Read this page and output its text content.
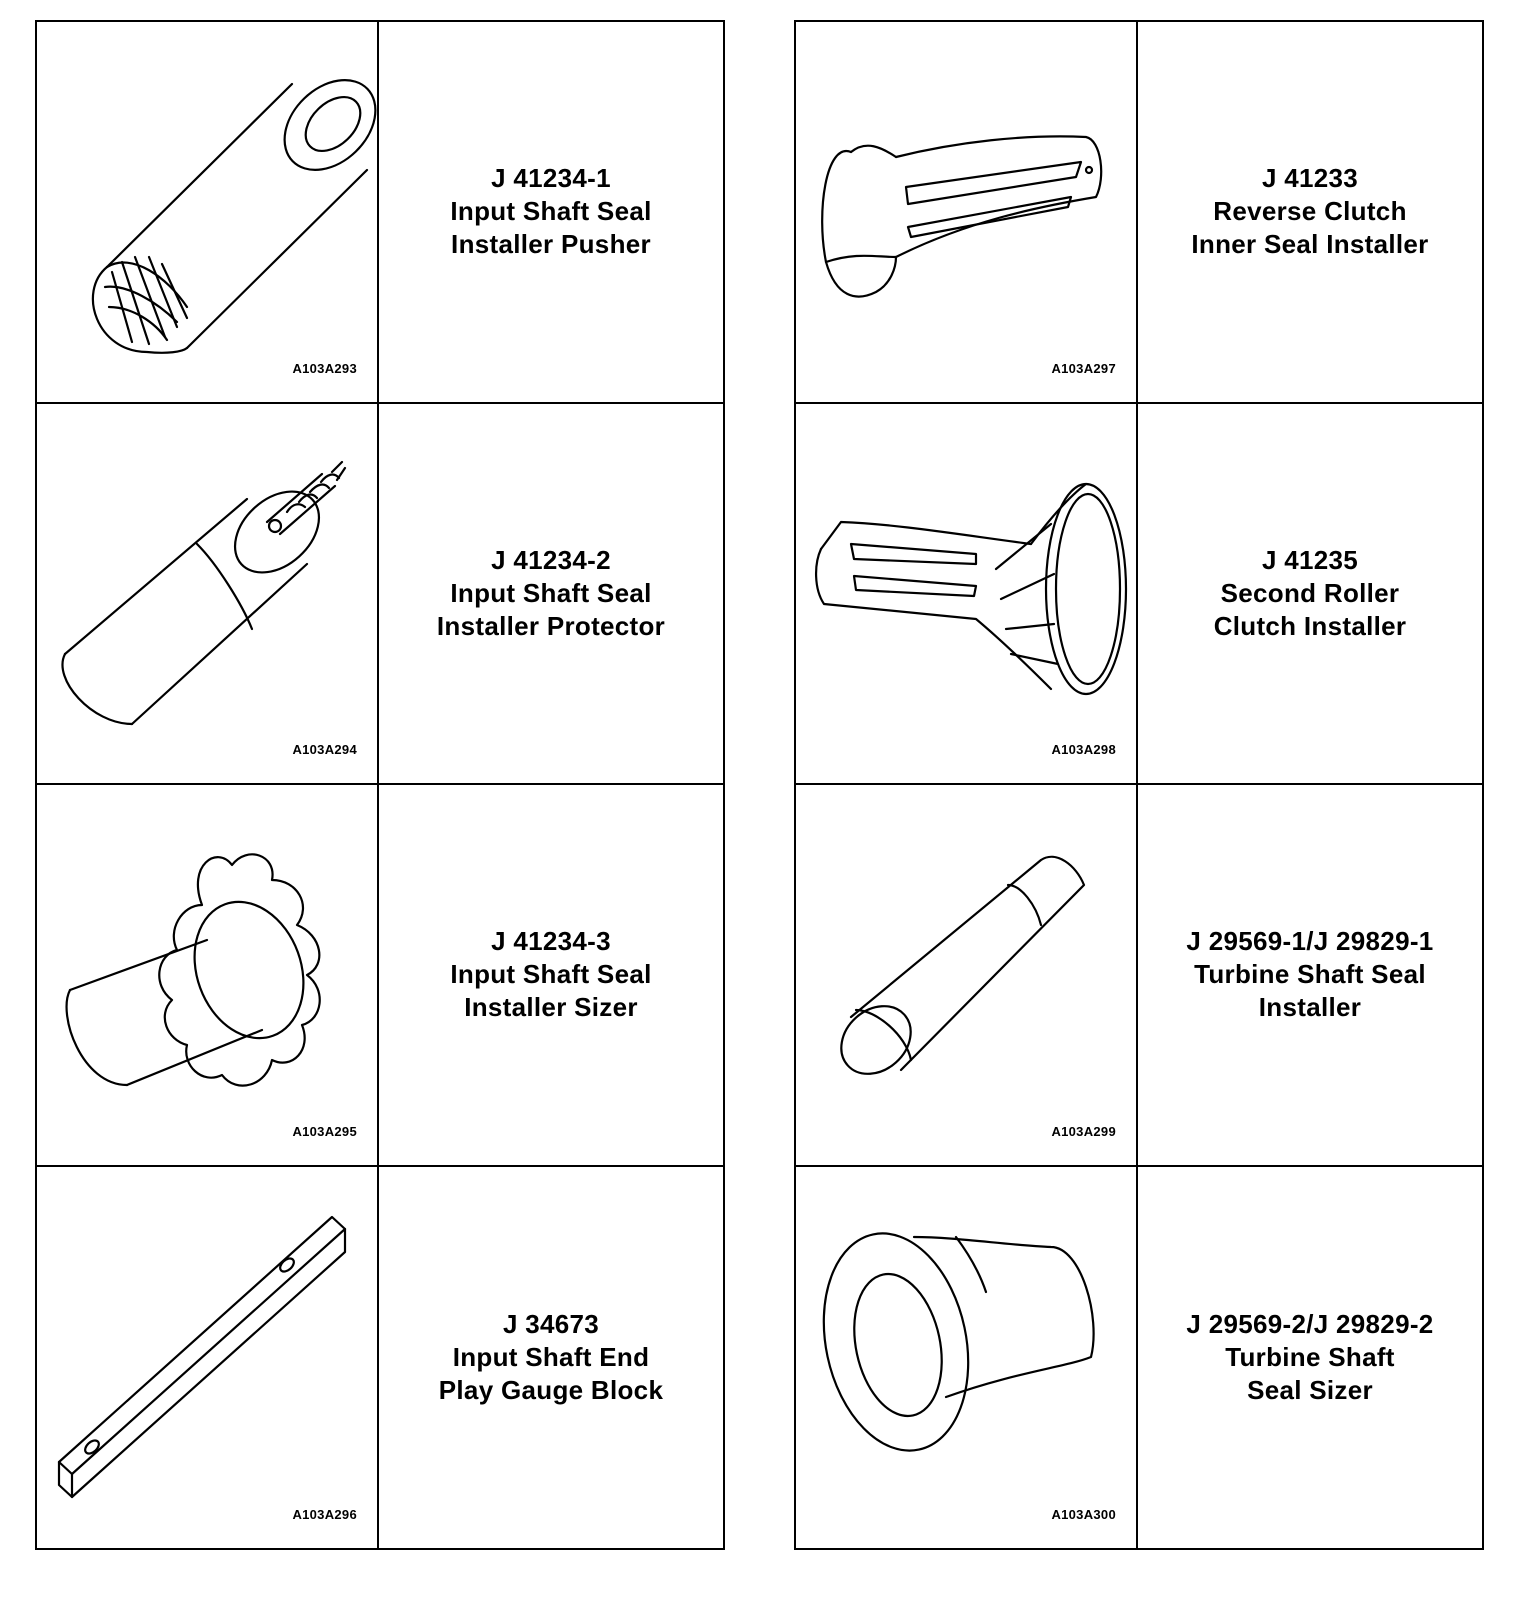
A103A293
J 41234-1
Input Shaft Seal
Installer Pusher
A103A294
J 41234-2
Input Shaft Seal
Installer Protector
A103A295
J 41234-3
Input Shaft Seal
Installer Sizer
A103A296
J 34673
Input Shaft End
Play Gauge Block
A103A297
J 41233
Reverse Clutch
Inner Seal Installer
A103A298
J 41235
Second Roller
Clutch Installer
A103A299
J 29569-1/J 29829-1
Turbine Shaft Seal
Installer
A103A300
J 29569-2/J 29829-2
Turbine Shaft
Seal Sizer
